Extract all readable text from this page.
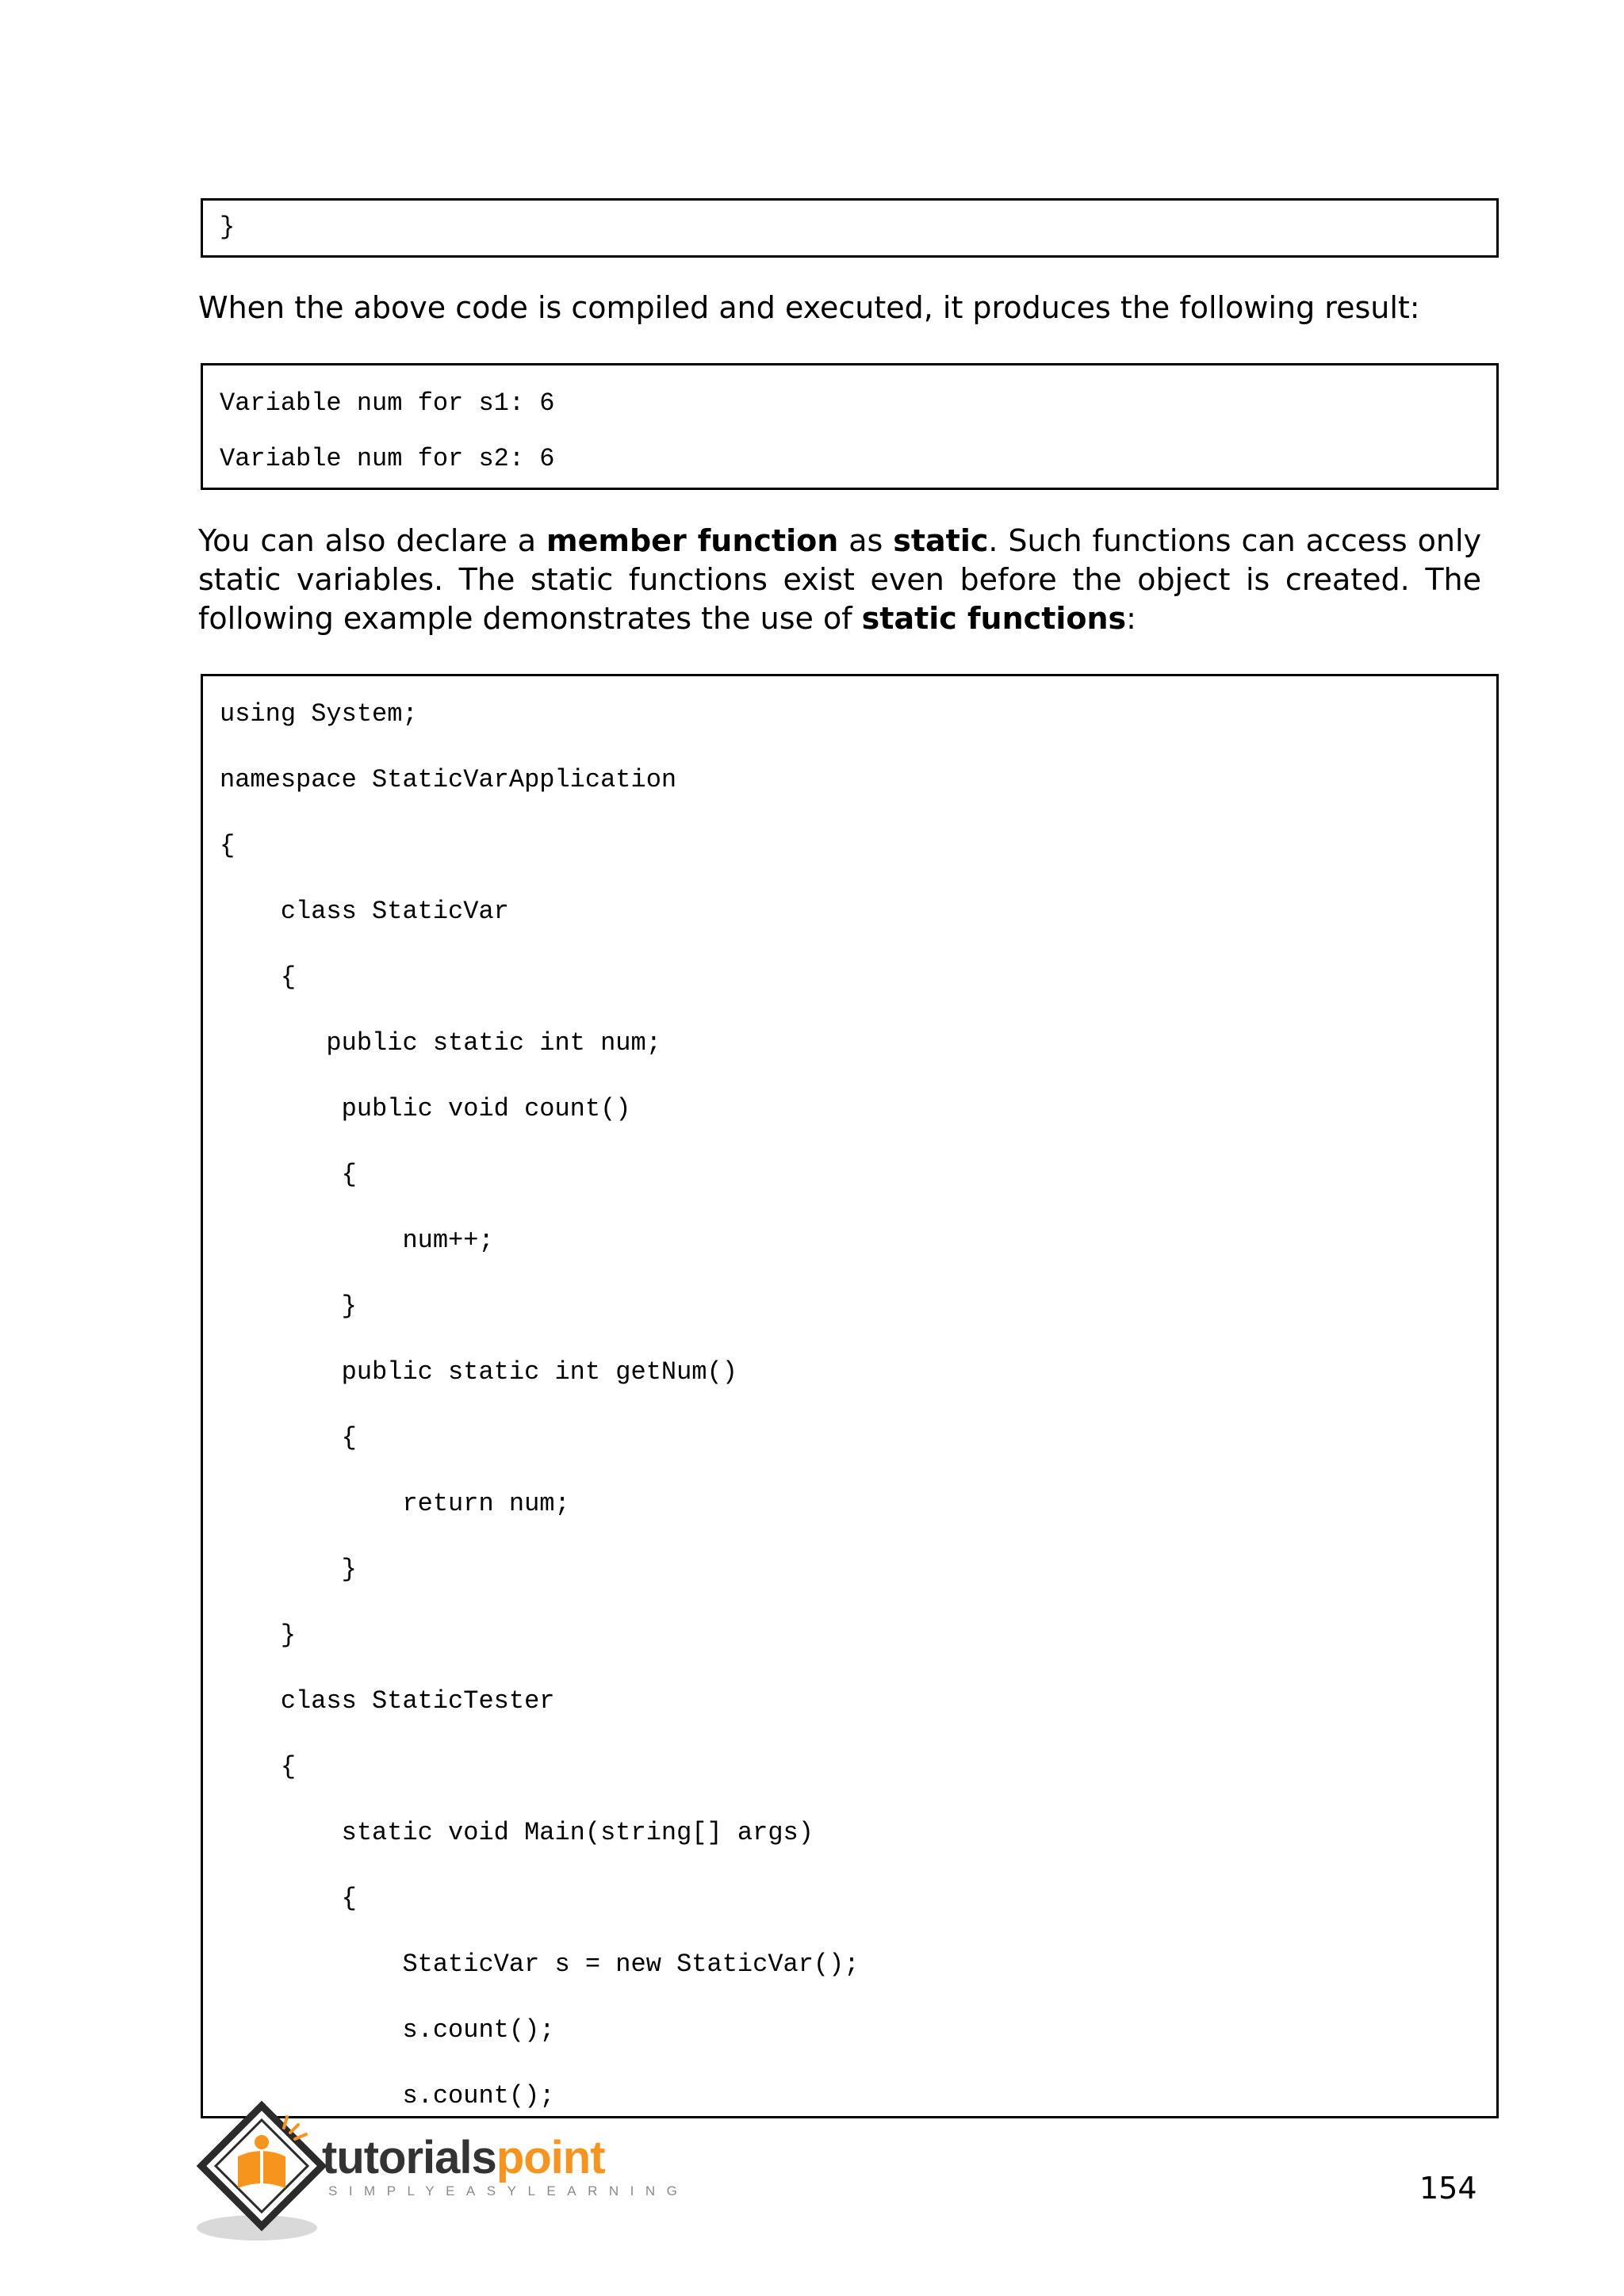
}
When the above code is compiled and executed, it produces the following result:
Variable num for s1: 6
Variable num for s2: 6
You can also declare a member function as static. Such functions can access only static variables. The static functions exist even before the object is created. The following example demonstrates the use of static functions:
using System;
namespace StaticVarApplication
{
class StaticVar
{
public static int num;
public void count()
{
num++;
}
public static int getNum()
{
return num;
}
}
class StaticTester
{
static void Main(string[] args)
{
StaticVar s = new StaticVar();
s.count();
s.count();
tutorialspoint
SIMPLYEASYLEARNING	154
